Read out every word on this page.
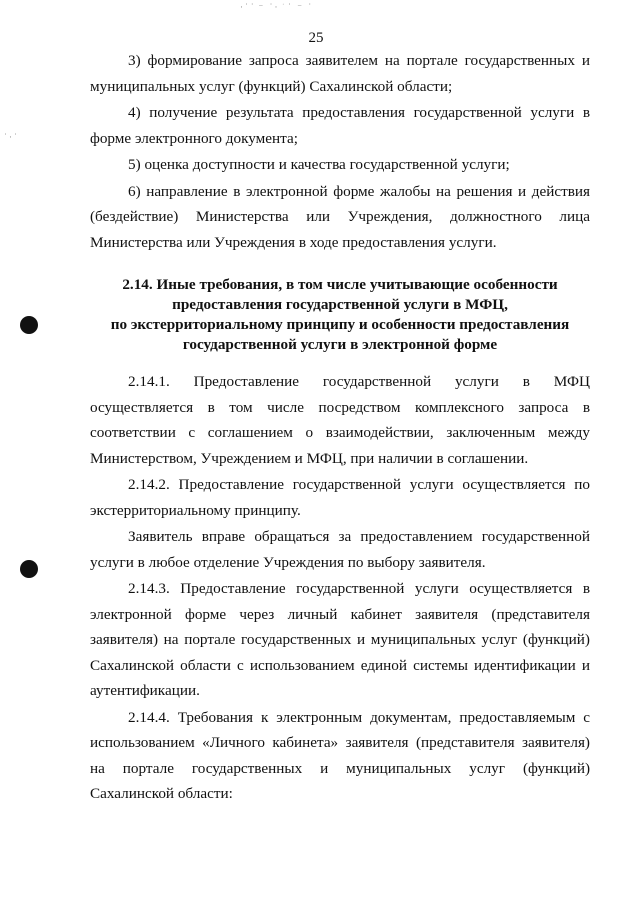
·˙ ̇ ⁻ ˙· ͘ ˙ ⁻ ˙
˙·˙
25

3) формирование запроса заявителем на портале государственных и муниципальных услуг (функций) Сахалинской области;

4) получение результата предоставления государственной услуги в форме электронного документа;

5) оценка доступности и качества государственной услуги;

6) направление в электронной форме жалобы на решения и действия (бездействие) Министерства или Учреждения, должностного лица Министерства или Учреждения в ходе предоставления услуги.

2.14. Иные требования, в том числе учитывающие особенности
предоставления государственной услуги в МФЦ,
по экстерриториальному принципу и особенности предоставления
государственной услуги в электронной форме

2.14.1. Предоставление государственной услуги в МФЦ осуществляется в том числе посредством комплексного запроса в соответствии с соглашением о взаимодействии, заключенным между Министерством, Учреждением и МФЦ, при наличии в соглашении.

2.14.2. Предоставление государственной услуги осуществляется по экстерриториальному принципу.

Заявитель вправе обращаться за предоставлением государственной услуги в любое отделение Учреждения по выбору заявителя.

2.14.3. Предоставление государственной услуги осуществляется в электронной форме через личный кабинет заявителя (представителя заявителя) на портале государственных и муниципальных услуг (функций) Сахалинской области с использованием единой системы идентификации и аутентификации.

2.14.4. Требования к электронным документам, предоставляемым с использованием «Личного кабинета» заявителя (представителя заявителя) на портале государственных и муниципальных услуг (функций) Сахалинской области:
